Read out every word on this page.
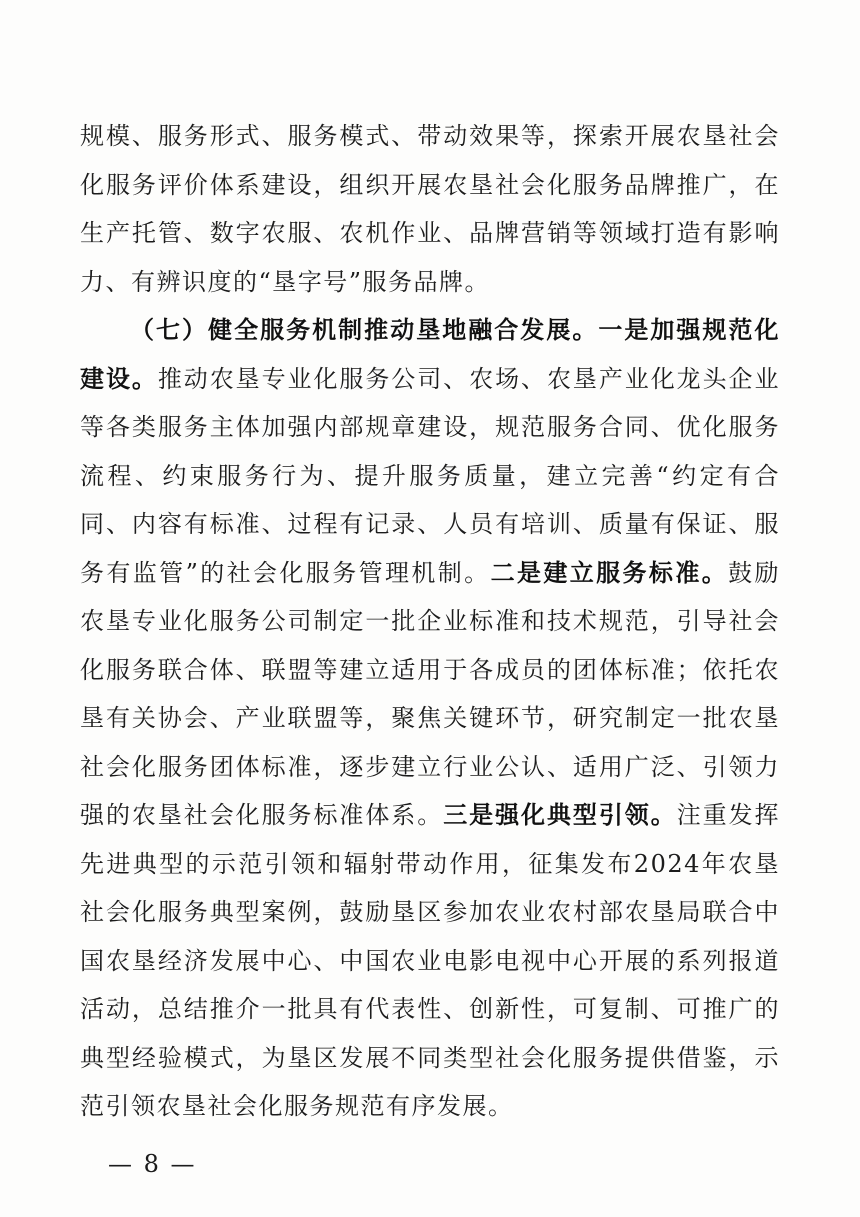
规模、服务形式、服务模式、带动效果等，探索开展农垦社会化服务评价体系建设，组织开展农垦社会化服务品牌推广，在生产托管、数字农服、农机作业、品牌营销等领域打造有影响力、有辨识度的“垦字号”服务品牌。

（七）健全服务机制推动垦地融合发展。一是加强规范化建设。推动农垦专业化服务公司、农场、农垦产业化龙头企业等各类服务主体加强内部规章建设，规范服务合同、优化服务流程、约束服务行为、提升服务质量，建立完善“约定有合同、内容有标准、过程有记录、人员有培训、质量有保证、服务有监管”的社会化服务管理机制。二是建立服务标准。鼓励农垦专业化服务公司制定一批企业标准和技术规范，引导社会化服务联合体、联盟等建立适用于各成员的团体标准；依托农垦有关协会、产业联盟等，聚焦关键环节，研究制定一批农垦社会化服务团体标准，逐步建立行业公认、适用广泛、引领力强的农垦社会化服务标准体系。三是强化典型引领。注重发挥先进典型的示范引领和辐射带动作用，征集发布2024年农垦社会化服务典型案例，鼓励垦区参加农业农村部农垦局联合中国农垦经济发展中心、中国农业电影电视中心开展的系列报道活动，总结推介一批具有代表性、创新性，可复制、可推广的典型经验模式，为垦区发展不同类型社会化服务提供借鉴，示范引领农垦社会化服务规范有序发展。

— 8 —
